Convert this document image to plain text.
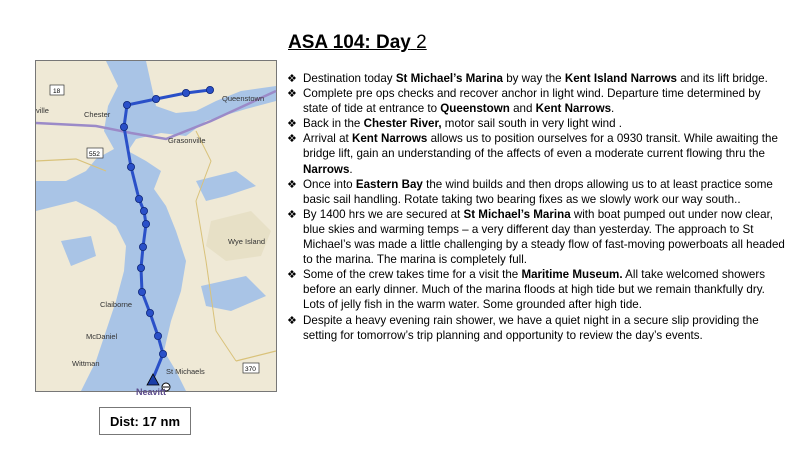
ASA 104: Day 2
18
552
370
ville	Chester
Queenstown
Grasonville
Wye Island
Claiborne
McDaniel
Wittman
St Michaels
Neavitt
Dist: 17 nm
❖ Destination today St Michael’s Marina by way the Kent Island Narrows and its lift bridge.
❖ Complete pre ops checks and recover anchor in light wind. Departure time determined by state of tide at entrance to Queenstown and Kent Narrows.
❖ Back in the Chester River, motor sail south in very light wind .
❖ Arrival at Kent Narrows allows us to position ourselves for a 0930 transit. While awaiting the bridge lift, gain an understanding of the affects of even a moderate current flowing thru the Narrows.
❖ Once into Eastern Bay the wind builds and then drops allowing us to at least practice some basic sail handling. Rotate taking two bearing fixes as we slowly work our way south..
❖ By 1400 hrs we are secured at St Michael’s Marina with boat pumped out under now clear, blue skies and warming temps – a very different day than yesterday. The approach to St Michael’s was made a little challenging by a steady flow of fast-moving powerboats all headed to the marina. The marina is completely full.
❖ Some of the crew takes time for a visit the Maritime Museum. All take welcomed showers before an early dinner. Much of the marina floods at high tide but we remain thankfully dry. Lots of jelly fish in the warm water. Some grounded after high tide.
❖ Despite a heavy evening rain shower, we have a quiet night in a secure slip providing the setting for tomorrow’s trip planning and opportunity to review the day’s events.
